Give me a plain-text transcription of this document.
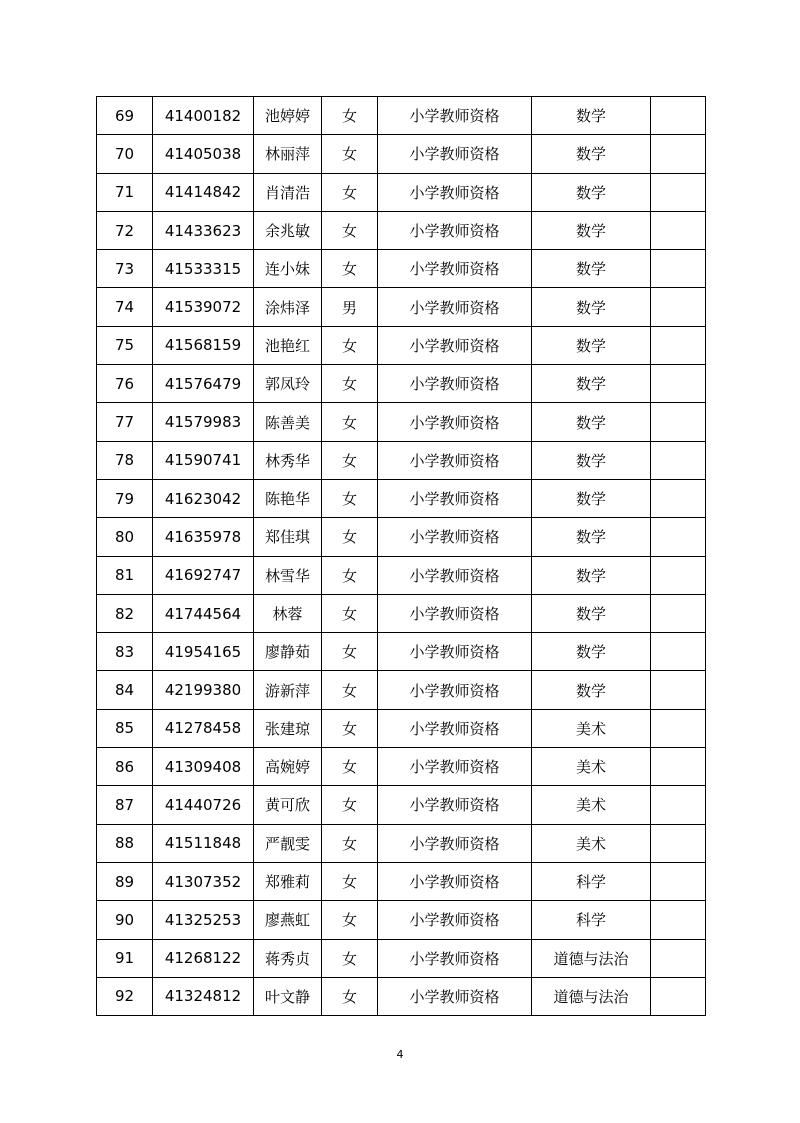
69	41400182	池婷婷	女	小学教师资格	数学	
70	41405038	林丽萍	女	小学教师资格	数学	
71	41414842	肖清浩	女	小学教师资格	数学	
72	41433623	余兆敏	女	小学教师资格	数学	
73	41533315	连小妹	女	小学教师资格	数学	
74	41539072	涂炜泽	男	小学教师资格	数学	
75	41568159	池艳红	女	小学教师资格	数学	
76	41576479	郭凤玲	女	小学教师资格	数学	
77	41579983	陈善美	女	小学教师资格	数学	
78	41590741	林秀华	女	小学教师资格	数学	
79	41623042	陈艳华	女	小学教师资格	数学	
80	41635978	郑佳琪	女	小学教师资格	数学	
81	41692747	林雪华	女	小学教师资格	数学	
82	41744564	林蓉	女	小学教师资格	数学	
83	41954165	廖静茹	女	小学教师资格	数学	
84	42199380	游新萍	女	小学教师资格	数学	
85	41278458	张建琼	女	小学教师资格	美术	
86	41309408	高婉婷	女	小学教师资格	美术	
87	41440726	黄可欣	女	小学教师资格	美术	
88	41511848	严靓雯	女	小学教师资格	美术	
89	41307352	郑雅莉	女	小学教师资格	科学	
90	41325253	廖燕虹	女	小学教师资格	科学	
91	41268122	蒋秀贞	女	小学教师资格	道德与法治	
92	41324812	叶文静	女	小学教师资格	道德与法治	
4
